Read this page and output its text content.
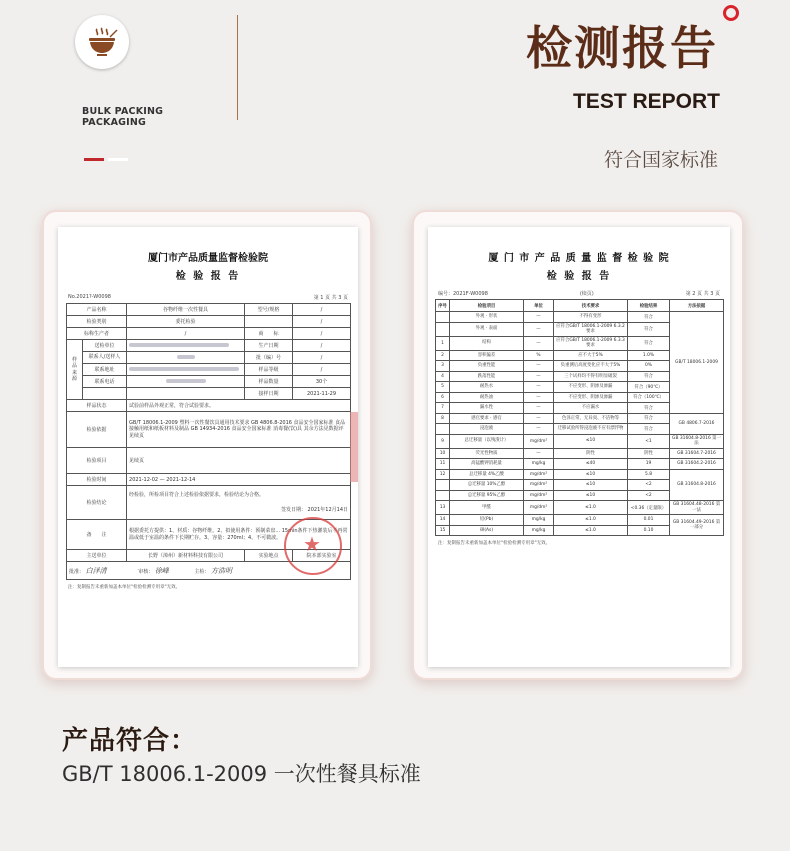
BULK PACKING
PACKAGING
检测报告
TEST REPORT
符合国家标准
厦门市产品质量监督检验院
检 验 报 告
No.2021?-W0098	第 1 页 共 3 页
产品名称		谷物纤维一次性餐具	型号/规格	/
检验类别		委托检验		/
标称生产者		/	商　　标	/
样
品
来
源	送检单位		生产日期	/
	联系人/送样人		批（编）号	/
	联系地址		样品等级	/
	联系电话		样品数量	30个
			接样日期	2021-11-29
样品状态		试验前样品外观正常，符合试验要求。		
检验依据		GB/T 18006.1-2009 塑料一次性餐饮具通用技术要求 GB 4806.8-2016 食品安全国家标准 食品接触用纸和纸板材料及制品 GB 14934-2016 食品安全国家标准 消毒餐(饮)具 其余方法见数据评见续页		
检验项目		见续页		
检验时间		2021-12-02 — 2021-12-14		
检验结论		经检验，所检项目符合上述检验依据要求，检验结论为合格。
签发日期： 2021年12月14日		

备　　注		根据委托方提供：1、材质：谷物纤维。2、拟使用条件：预制菜盘... 15min条件下热灌装后不再常温或低于室温的条件下长期贮存。3、容量：270ml；4、不可微波。		
主送单位		长野（漳州）新材料科技有限公司	实验地点	院本部实验室
批准： 白泽清 审核： 徐峰 主检： 方浩明				
注：复制报告未重新加盖本单位"检验检测专用章"无效。
★
厦 门 市 产 品 质 量 监 督 检 验 院
检 验 报 告
编号：2021F-W0098	(续页)	第 2 页 共 3 页
序号	检验项目	单位	技术要求	检验结果	方法依据
	外观 · 形状	—	不得有变形	符合	GB/T 18006.1-2009
	外观 · 表面	—	应符合GB/T 18006.1-2009 6.3.2要求	符合	
1	结构	—	应符合GB/T 18006.1-2009 6.3.3要求	符合	
2	容积偏差	%	应不大于5%	1.0%	
3	负重性能	—	负重测后高度变化应不大于5%	0%	
4	跌落性能	—	三个试样均不得有明显破裂	符合	
5	耐热水	—	不应变形、阴渗及渗漏	符合（90℃）	
6	耐热油	—	不应变形、阴渗及渗漏	符合（100℃）	
7	漏水性	—	不应漏水	符合	
8	感官要求 · 感官	—	色泽正常，无异臭、不洁物等	符合	GB 4806.7-2016
	浸泡液	—	迁移试验所得浸泡液不应有漂浮物	符合	
9	总迁移量（以残渣计）	mg/dm²	≤10	<1	GB 31604.8-2016 第一法
10	荧光性物质	—	阴性	阴性	GB 31604.7-2016
11	高锰酸钾消耗量	mg/kg	≤40	19	GB 31604.2-2016
12	总迁移量 4%乙酸	mg/dm²	≤10	5.8	GB 31604.8-2016
	总迁移量 10%乙醇	mg/dm²	≤10	<2	
	总迁移量 95%乙醇	mg/dm²	≤10	<2	
13	甲醛	mg/dm²	≤1.0	<0.36（定量限）	GB 31604.48-2016 第一法
14	铅(Pb)	mg/kg	≤1.0	0.01	GB 31604.49-2016 第一部分
15	砷(As)	mg/kg	≤1.0	0.10	
注：复制报告未重新加盖本单位"检验检测专用章"无效。
产品符合：
GB/T 18006.1-2009 一次性餐具标准
